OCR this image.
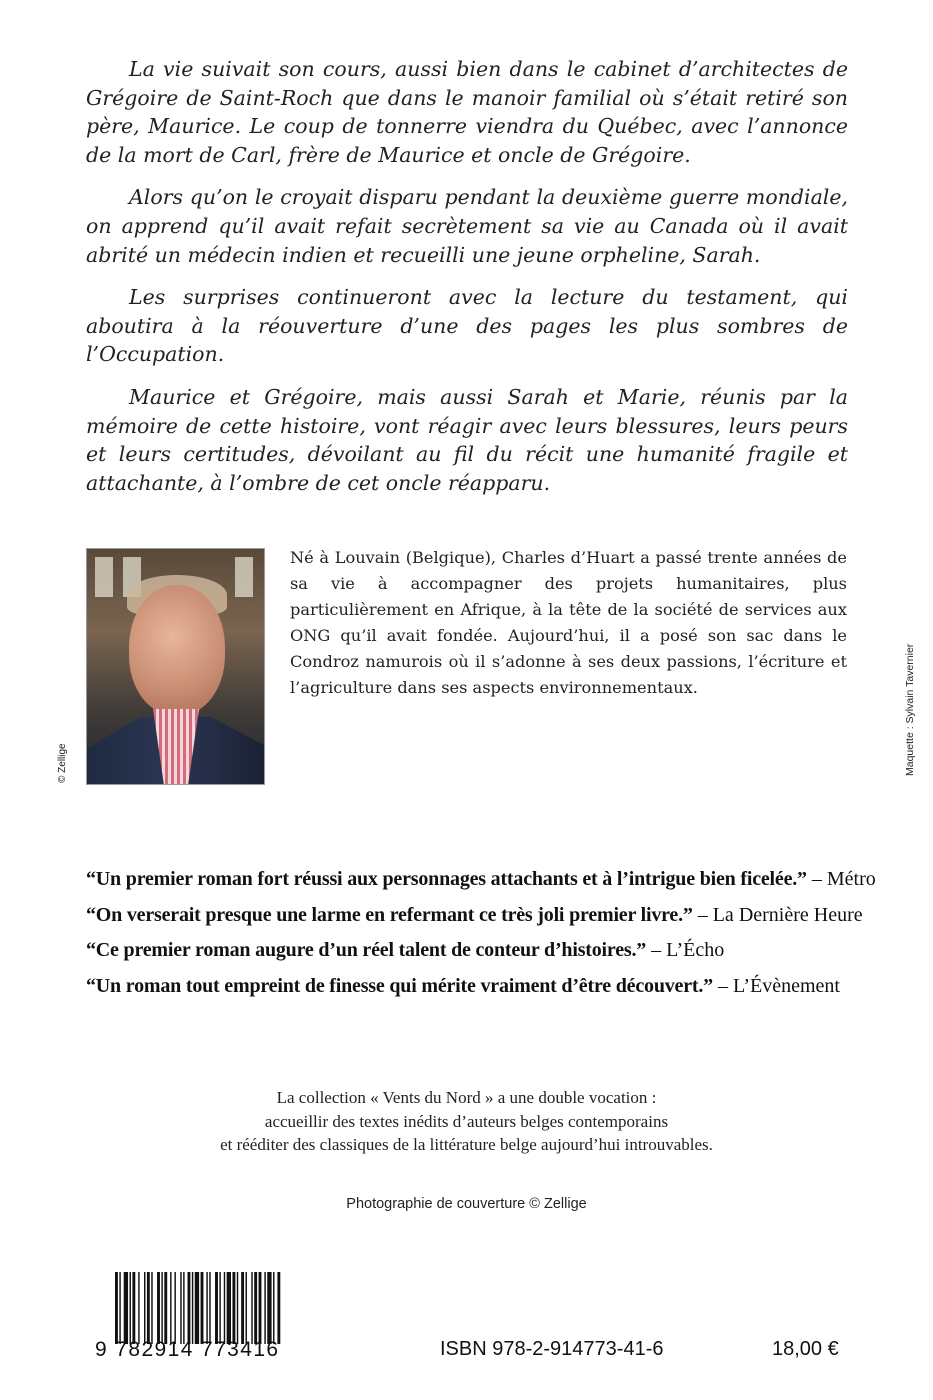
La vie suivait son cours, aussi bien dans le cabinet d’architectes de Grégoire de Saint-Roch que dans le manoir familial où s’était retiré son père, Maurice. Le coup de tonnerre viendra du Québec, avec l’annonce de la mort de Carl, frère de Maurice et oncle de Grégoire.

Alors qu’on le croyait disparu pendant la deuxième guerre mondiale, on apprend qu’il avait refait secrètement sa vie au Canada où il avait abrité un médecin indien et recueilli une jeune orpheline, Sarah.

Les surprises continueront avec la lecture du testament, qui aboutira à la réouverture d’une des pages les plus sombres de l’Occupation.

Maurice et Grégoire, mais aussi Sarah et Marie, réunis par la mémoire de cette histoire, vont réagir avec leurs blessures, leurs peurs et leurs certitudes, dévoilant au fil du récit une humanité fragile et attachante, à l’ombre de cet oncle réapparu.

© Zellige
Né à Louvain (Belgique), Charles d’Huart a passé trente années de sa vie à accompagner des projets humanitaires, plus particulièrement en Afrique, à la tête de la société de services aux ONG qu’il avait fondée. Aujourd’hui, il a posé son sac dans le Condroz namurois où il s’adonne à ses deux passions, l’écriture et l’agriculture dans ses aspects environnementaux.	Maquette : Sylvain Tavernier
“Un premier roman fort réussi aux personnages attachants et à l’intrigue bien ficelée.” – Métro
“On verserait presque une larme en refermant ce très joli premier livre.” – La Dernière Heure
“Ce premier roman augure d’un réel talent de conteur d’histoires.” – L’Écho
“Un roman tout empreint de finesse qui mérite vraiment d’être découvert.” – L’Évènement
La collection « Vents du Nord » a une double vocation :
accueillir des textes inédits d’auteurs belges contemporains
et rééditer des classiques de la littérature belge aujourd’hui introuvables.
Photographie de couverture © Zellige
9 782914 773416	ISBN 978-2-914773-41-6	18,00 €
